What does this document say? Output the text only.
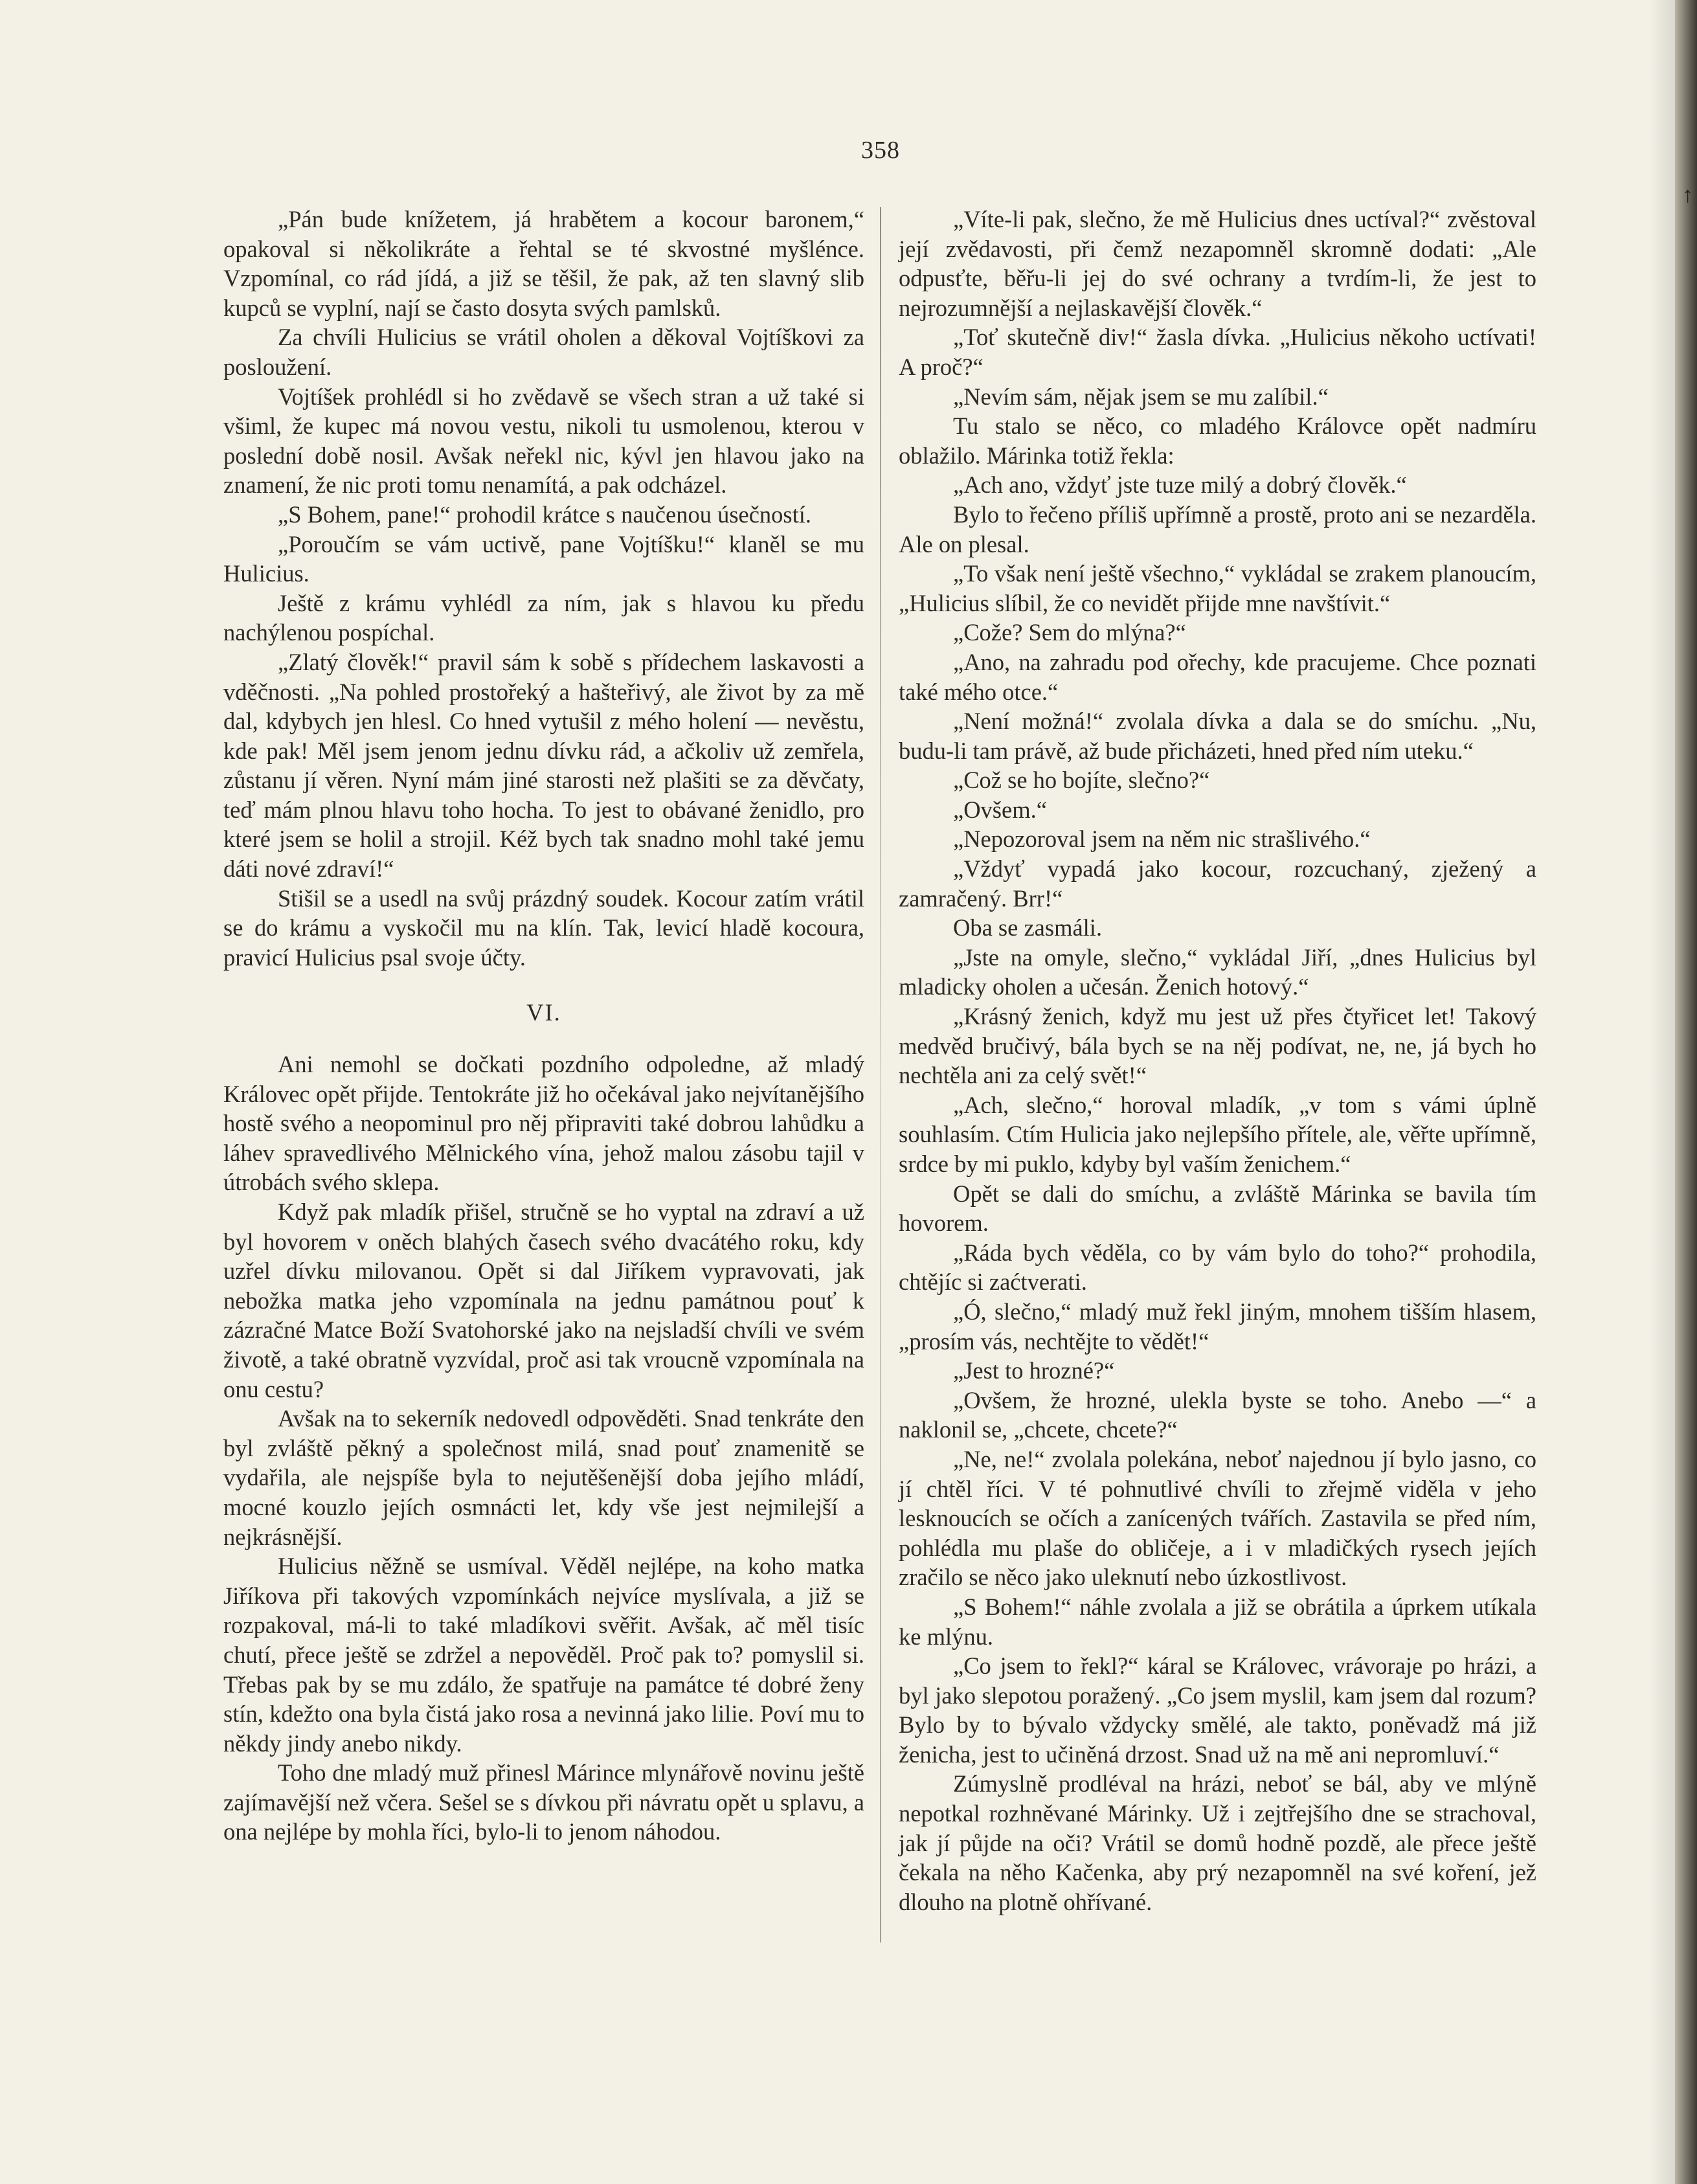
↑
358

„Pán bude knížetem, já hrabětem a kocour baronem,“ opakoval si několikráte a řehtal se té skvostné myšlénce. Vzpomínal, co rád jídá, a již se těšil, že pak, až ten slavný slib kupců se vyplní, nají se často dosyta svých pamlsků.

Za chvíli Hulicius se vrátil oholen a děkoval Vojtíškovi za posloužení.

Vojtíšek prohlédl si ho zvědavě se všech stran a už také si všiml, že kupec má novou vestu, nikoli tu usmolenou, kterou v poslední době nosil. Avšak neřekl nic, kývl jen hlavou jako na znamení, že nic proti tomu nenamítá, a pak odcházel.

„S Bohem, pane!“ prohodil krátce s naučenou úsečností.

„Poroučím se vám uctivě, pane Vojtíšku!“ klaněl se mu Hulicius.

Ještě z krámu vyhlédl za ním, jak s hlavou ku předu nachýlenou pospíchal.

„Zlatý člověk!“ pravil sám k sobě s přídechem laskavosti a vděčnosti. „Na pohled prostořeký a hašteřivý, ale život by za mě dal, kdybych jen hlesl. Co hned vytušil z mého holení — nevěstu, kde pak! Měl jsem jenom jednu dívku rád, a ačkoliv už zemřela, zůstanu jí věren. Nyní mám jiné starosti než plašiti se za děvčaty, teď mám plnou hlavu toho hocha. To jest to obávané ženidlo, pro které jsem se holil a strojil. Kéž bych tak snadno mohl také jemu dáti nové zdraví!“

Stišil se a usedl na svůj prázdný soudek. Kocour zatím vrátil se do krámu a vyskočil mu na klín. Tak, levicí hladě kocoura, pravicí Hulicius psal svoje účty.

VI.

Ani nemohl se dočkati pozdního odpoledne, až mladý Královec opět přijde. Tentokráte již ho očekával jako nejvítanějšího hostě svého a neopominul pro něj připraviti také dobrou lahůdku a láhev spravedlivého Mělnického vína, jehož malou zásobu tajil v útrobách svého sklepa.

Když pak mladík přišel, stručně se ho vyptal na zdraví a už byl hovorem v oněch blahých časech svého dvacátého roku, kdy uzřel dívku milovanou. Opět si dal Jiříkem vypravovati, jak nebožka matka jeho vzpomínala na jednu památnou pouť k zázračné Matce Boží Svatohorské jako na nejsladší chvíli ve svém životě, a také obratně vyzvídal, proč asi tak vroucně vzpomínala na onu cestu?

Avšak na to sekerník nedovedl odpověděti. Snad tenkráte den byl zvláště pěkný a společnost milá, snad pouť znamenitě se vydařila, ale nejspíše byla to nejutěšenější doba jejího mládí, mocné kouzlo jejích osmnácti let, kdy vše jest nejmilejší a nejkrásnější.

Hulicius něžně se usmíval. Věděl nejlépe, na koho matka Jiříkova při takových vzpomínkách nejvíce myslívala, a již se rozpakoval, má-li to také mladíkovi svěřit. Avšak, ač měl tisíc chutí, přece ještě se zdržel a nepověděl. Proč pak to? pomyslil si. Třebas pak by se mu zdálo, že spatřuje na památce té dobré ženy stín, kdežto ona byla čistá jako rosa a nevinná jako lilie. Poví mu to někdy jindy anebo nikdy.

Toho dne mladý muž přinesl Márince mlynářově novinu ještě zajímavější než včera. Sešel se s dívkou při návratu opět u splavu, a ona nejlépe by mohla říci, bylo-li to jenom náhodou.

„Víte-li pak, slečno, že mě Hulicius dnes uctíval?“ zvěstoval její zvědavosti, při čemž nezapomněl skromně dodati: „Ale odpusťte, běřu-li jej do své ochrany a tvrdím-li, že jest to nejrozumnější a nejlaskavější člověk.“

„Toť skutečně div!“ žasla dívka. „Hulicius někoho uctívati! A proč?“

„Nevím sám, nějak jsem se mu zalíbil.“

Tu stalo se něco, co mladého Královce opět nadmíru oblažilo. Márinka totiž řekla:

„Ach ano, vždyť jste tuze milý a dobrý člověk.“

Bylo to řečeno příliš upřímně a prostě, proto ani se nezarděla. Ale on plesal.

„To však není ještě všechno,“ vykládal se zrakem planoucím, „Hulicius slíbil, že co nevidět přijde mne navštívit.“

„Cože? Sem do mlýna?“

„Ano, na zahradu pod ořechy, kde pracujeme. Chce poznati také mého otce.“

„Není možná!“ zvolala dívka a dala se do smíchu. „Nu, budu-li tam právě, až bude přicházeti, hned před ním uteku.“

„Což se ho bojíte, slečno?“

„Ovšem.“

„Nepozoroval jsem na něm nic strašlivého.“

„Vždyť vypadá jako kocour, rozcuchaný, zježený a zamračený. Brr!“

Oba se zasmáli.

„Jste na omyle, slečno,“ vykládal Jiří, „dnes Hulicius byl mladicky oholen a učesán. Ženich hotový.“

„Krásný ženich, když mu jest už přes čtyřicet let! Takový medvěd bručivý, bála bych se na něj podívat, ne, ne, já bych ho nechtěla ani za celý svět!“

„Ach, slečno,“ horoval mladík, „v tom s vámi úplně souhlasím. Ctím Hulicia jako nejlepšího přítele, ale, věřte upřímně, srdce by mi puklo, kdyby byl vaším ženichem.“

Opět se dali do smíchu, a zvláště Márinka se bavila tím hovorem.

„Ráda bych věděla, co by vám bylo do toho?“ prohodila, chtějíc si zaćtverati.

„Ó, slečno,“ mladý muž řekl jiným, mnohem tišším hlasem, „prosím vás, nechtějte to vědět!“

„Jest to hrozné?“

„Ovšem, že hrozné, ulekla byste se toho. Anebo —“ a naklonil se, „chcete, chcete?“

„Ne, ne!“ zvolala polekána, neboť najednou jí bylo jasno, co jí chtěl říci. V té pohnutlivé chvíli to zřejmě viděla v jeho lesknoucích se očích a zanícených tvářích. Zastavila se před ním, pohlédla mu plaše do obličeje, a i v mladičkých rysech jejích zračilo se něco jako uleknutí nebo úzkostlivost.

„S Bohem!“ náhle zvolala a již se obrátila a úprkem utíkala ke mlýnu.

„Co jsem to řekl?“ káral se Královec, vrávoraje po hrázi, a byl jako slepotou poražený. „Co jsem myslil, kam jsem dal rozum? Bylo by to bývalo vždycky smělé, ale takto, poněvadž má již ženicha, jest to učiněná drzost. Snad už na mě ani nepromluví.“

Zúmyslně prodléval na hrázi, neboť se bál, aby ve mlýně nepotkal rozhněvané Márinky. Už i zejtřejšího dne se strachoval, jak jí půjde na oči? Vrátil se domů hodně pozdě, ale přece ještě čekala na něho Kačenka, aby prý nezapomněl na své koření, jež dlouho na plotně ohřívané.
